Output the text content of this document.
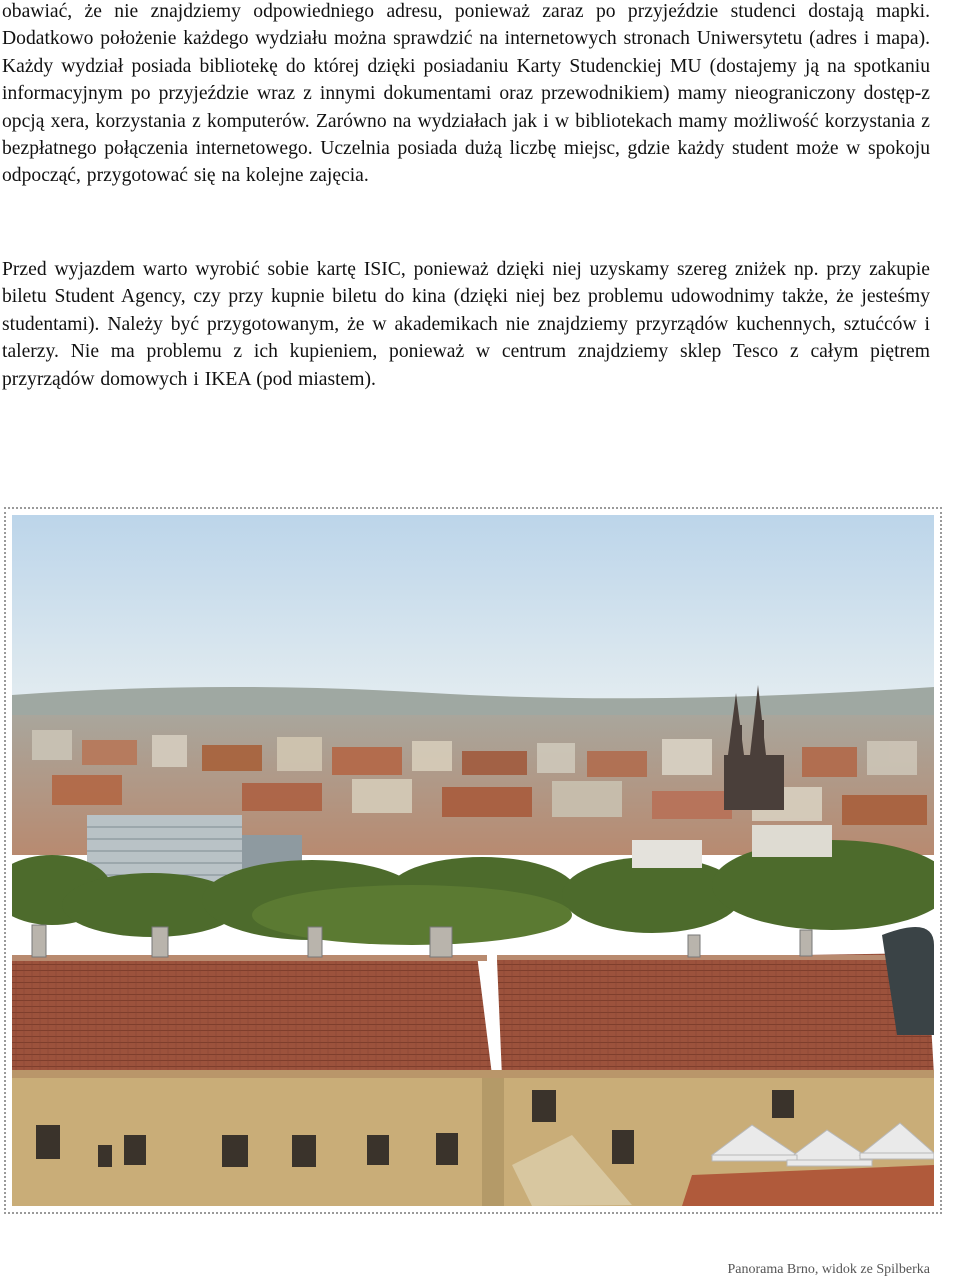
obawiać, że nie znajdziemy odpowiedniego adresu, ponieważ zaraz po przyjeździe studenci dostają mapki. Dodatkowo położenie każdego wydziału można sprawdzić na internetowych stronach Uniwersytetu (adres i mapa). Każdy wydział posiada bibliotekę do której dzięki posiadaniu Karty Studenckiej MU (dostajemy ją na spotkaniu informacyjnym po przyjeździe wraz z innymi dokumentami oraz przewodnikiem) mamy nieograniczony dostęp-z opcją xera, korzystania z komputerów. Zarówno na wydziałach jak i w bibliotekach mamy możliwość korzystania z bezpłatnego połączenia internetowego. Uczelnia posiada dużą liczbę miejsc, gdzie każdy student może w spokoju odpocząć, przygotować się na kolejne zajęcia.

Przed wyjazdem warto wyrobić sobie kartę ISIC, ponieważ dzięki niej uzyskamy szereg zniżek np. przy zakupie biletu Student Agency, czy przy kupnie biletu do kina (dzięki niej bez problemu udowodnimy także, że jesteśmy studentami). Należy być przygotowanym, że w akademikach nie znajdziemy przyrządów kuchennych, sztućców i talerzy. Nie ma problemu z ich kupieniem, ponieważ w centrum znajdziemy sklep Tesco z całym piętrem przyrządów domowych i IKEA (pod miastem).

Panorama Brno, widok ze Spilberka
